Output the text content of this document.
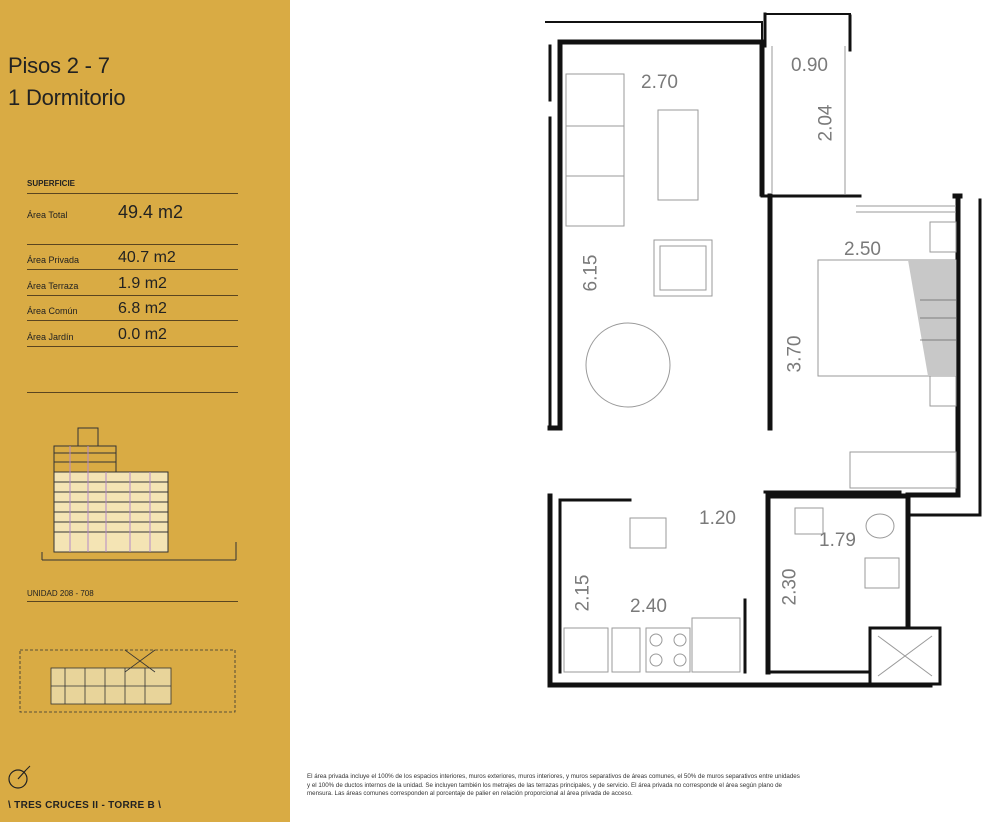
Pisos 2 - 7
1 Dormitorio
SUPERFICIE
Área Total	49.4 m2
Área Privada 40.7 m2
Área Terraza 1.9 m2
Área Común	6.8 m2
Área Jardín	0.0 m2
UNIDAD 208 - 708
\ TRES CRUCES II - TORRE B \
2.70
0.90
2.04
6.15
2.50
3.70
1.20
1.79
2.15 2.40
2.30
El área privada incluye el 100% de los espacios interiores, muros exteriores, muros interiores, y muros separativos de áreas comunes, el 50% de muros separativos entre unidades y el 100% de ductos internos de la unidad. Se incluyen también los metrajes de las terrazas principales, y de servicio. El área privada no corresponde el área según plano de mensura. Las áreas comunes corresponden al porcentaje de palier en relación proporcional al área privada de acceso.
